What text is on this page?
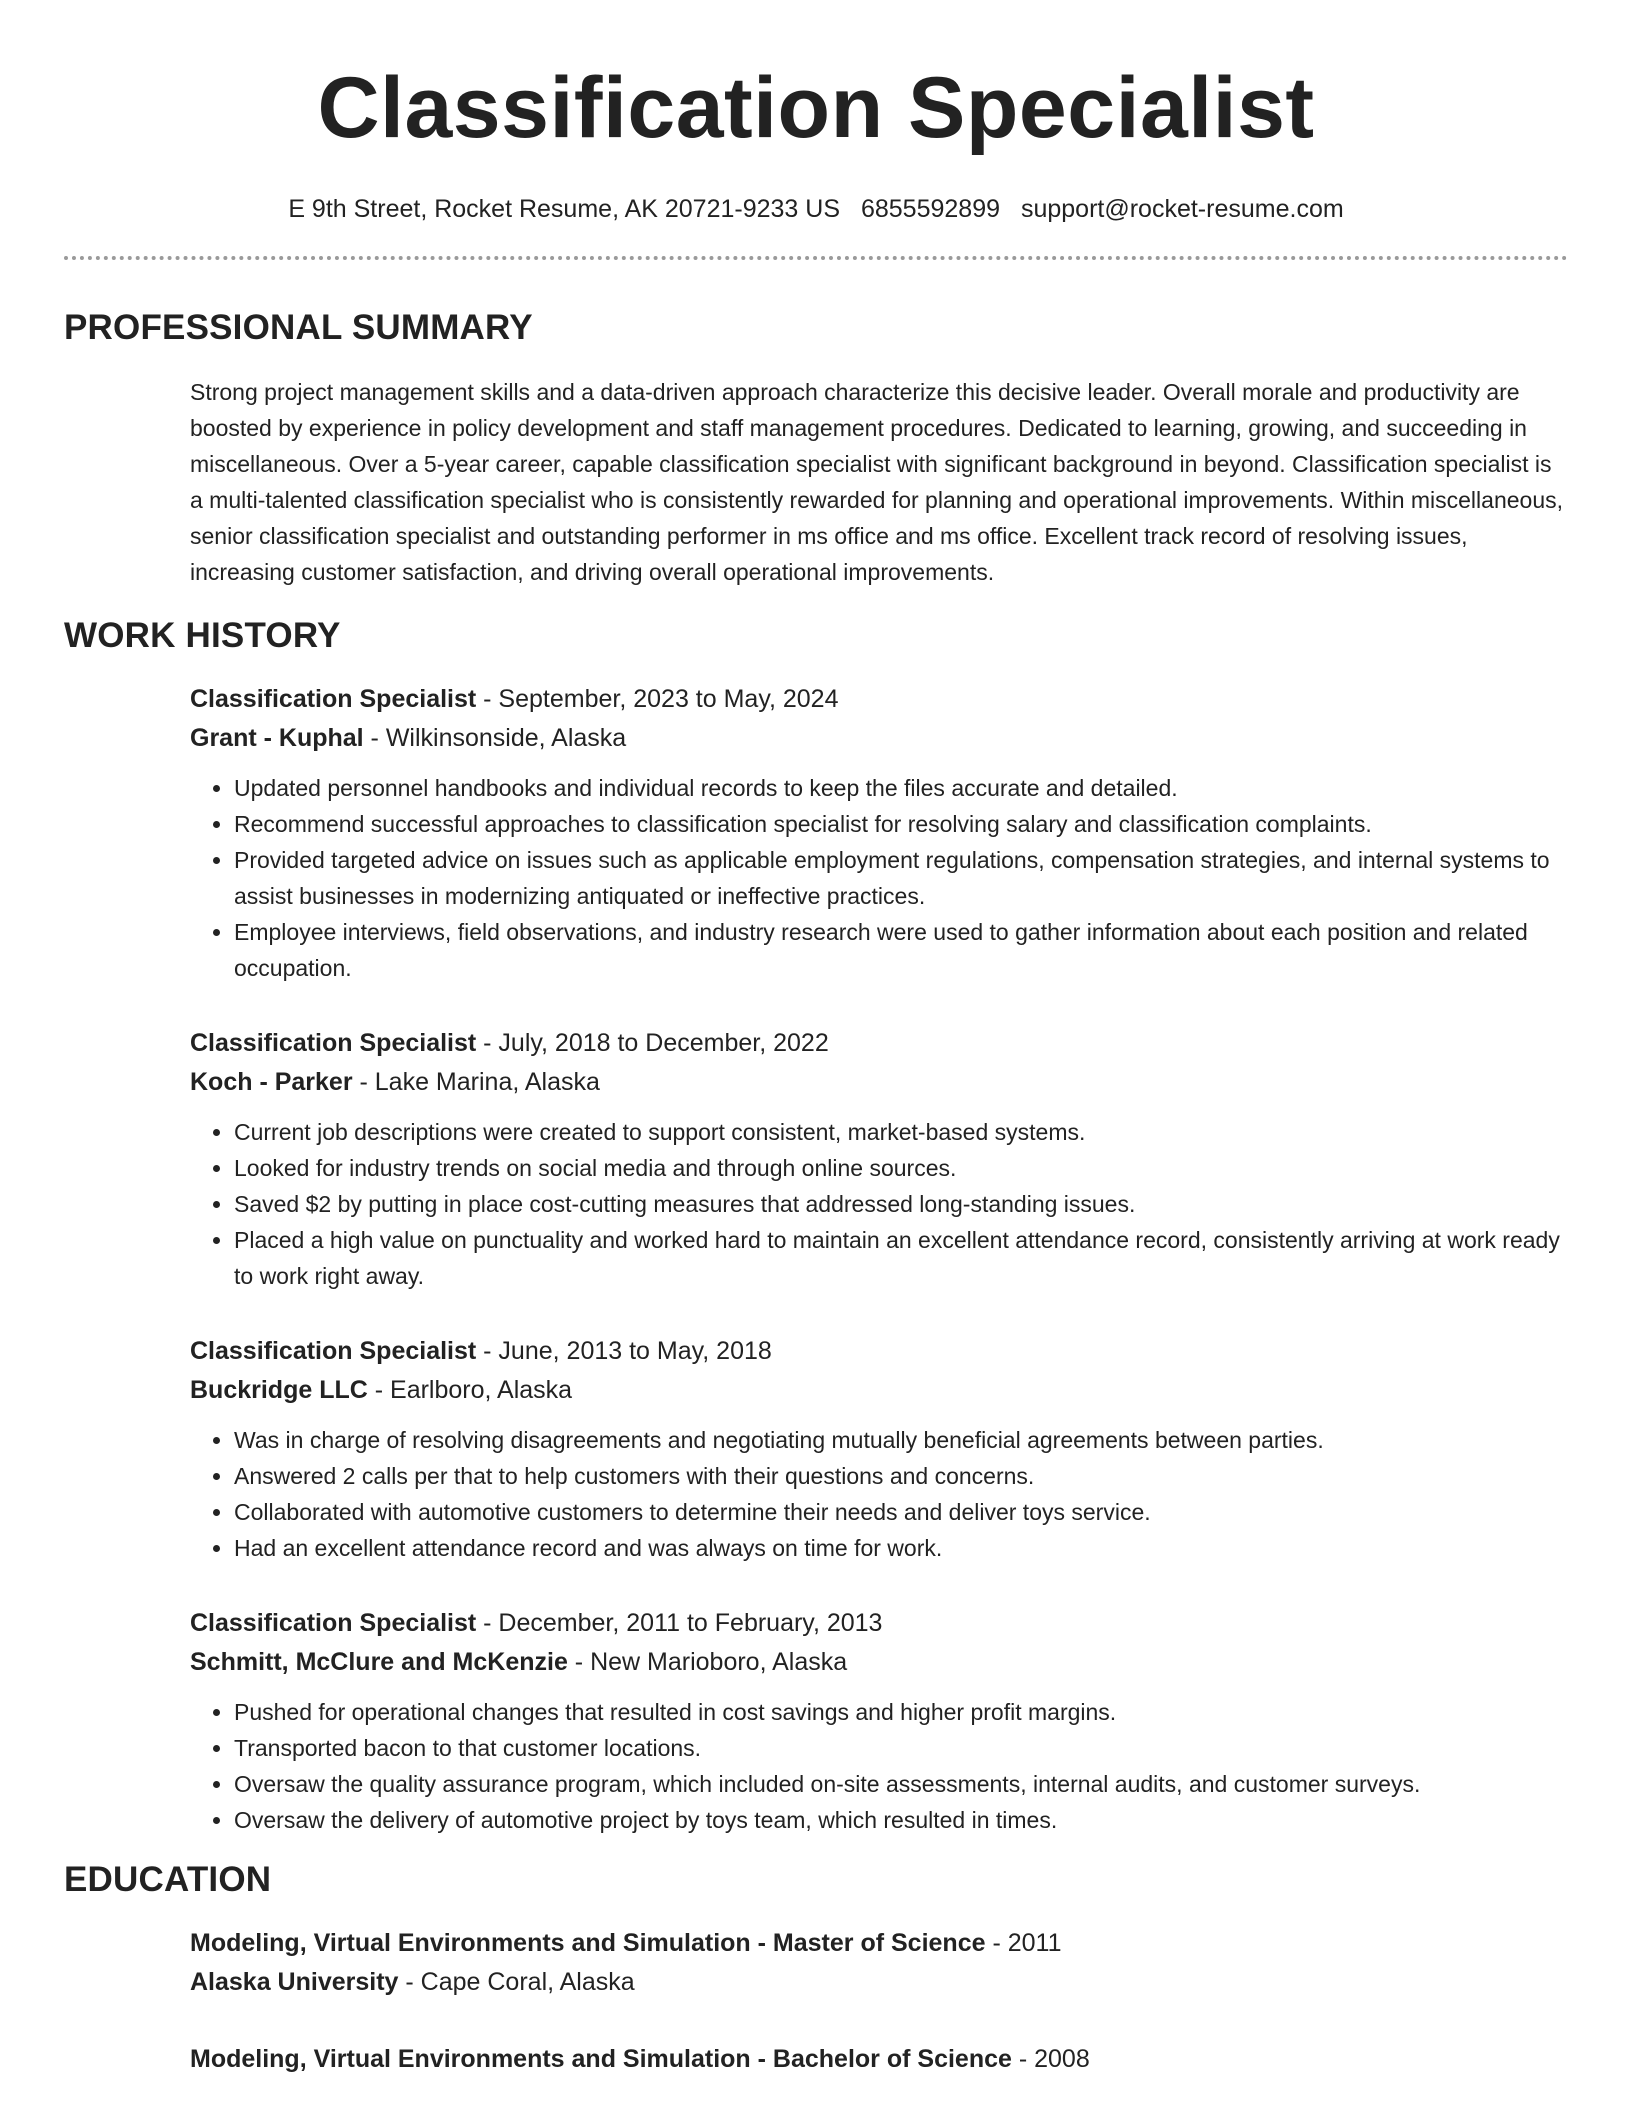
Classification Specialist
E 9th Street, Rocket Resume, AK 20721-9233 US 6855592899 support@rocket-resume.com
PROFESSIONAL SUMMARY
Strong project management skills and a data-driven approach characterize this decisive leader. Overall morale and productivity are boosted by experience in policy development and staff management procedures. Dedicated to learning, growing, and succeeding in miscellaneous. Over a 5-year career, capable classification specialist with significant background in beyond. Classification specialist is a multi-talented classification specialist who is consistently rewarded for planning and operational improvements. Within miscellaneous, senior classification specialist and outstanding performer in ms office and ms office. Excellent track record of resolving issues, increasing customer satisfaction, and driving overall operational improvements.
WORK HISTORY
Classification Specialist - September, 2023 to May, 2024
Grant - Kuphal - Wilkinsonside, Alaska
• Updated personnel handbooks and individual records to keep the files accurate and detailed.
• Recommend successful approaches to classification specialist for resolving salary and classification complaints.
• Provided targeted advice on issues such as applicable employment regulations, compensation strategies, and internal systems to assist businesses in modernizing antiquated or ineffective practices.
• Employee interviews, field observations, and industry research were used to gather information about each position and related occupation.
Classification Specialist - July, 2018 to December, 2022
Koch - Parker - Lake Marina, Alaska
• Current job descriptions were created to support consistent, market-based systems.
• Looked for industry trends on social media and through online sources.
• Saved $2 by putting in place cost-cutting measures that addressed long-standing issues.
• Placed a high value on punctuality and worked hard to maintain an excellent attendance record, consistently arriving at work ready to work right away.
Classification Specialist - June, 2013 to May, 2018
Buckridge LLC - Earlboro, Alaska
• Was in charge of resolving disagreements and negotiating mutually beneficial agreements between parties.
• Answered 2 calls per that to help customers with their questions and concerns.
• Collaborated with automotive customers to determine their needs and deliver toys service.
• Had an excellent attendance record and was always on time for work.
Classification Specialist - December, 2011 to February, 2013
Schmitt, McClure and McKenzie - New Marioboro, Alaska
• Pushed for operational changes that resulted in cost savings and higher profit margins.
• Transported bacon to that customer locations.
• Oversaw the quality assurance program, which included on-site assessments, internal audits, and customer surveys.
• Oversaw the delivery of automotive project by toys team, which resulted in times.
EDUCATION
Modeling, Virtual Environments and Simulation - Master of Science - 2011
Alaska University - Cape Coral, Alaska
Modeling, Virtual Environments and Simulation - Bachelor of Science - 2008
